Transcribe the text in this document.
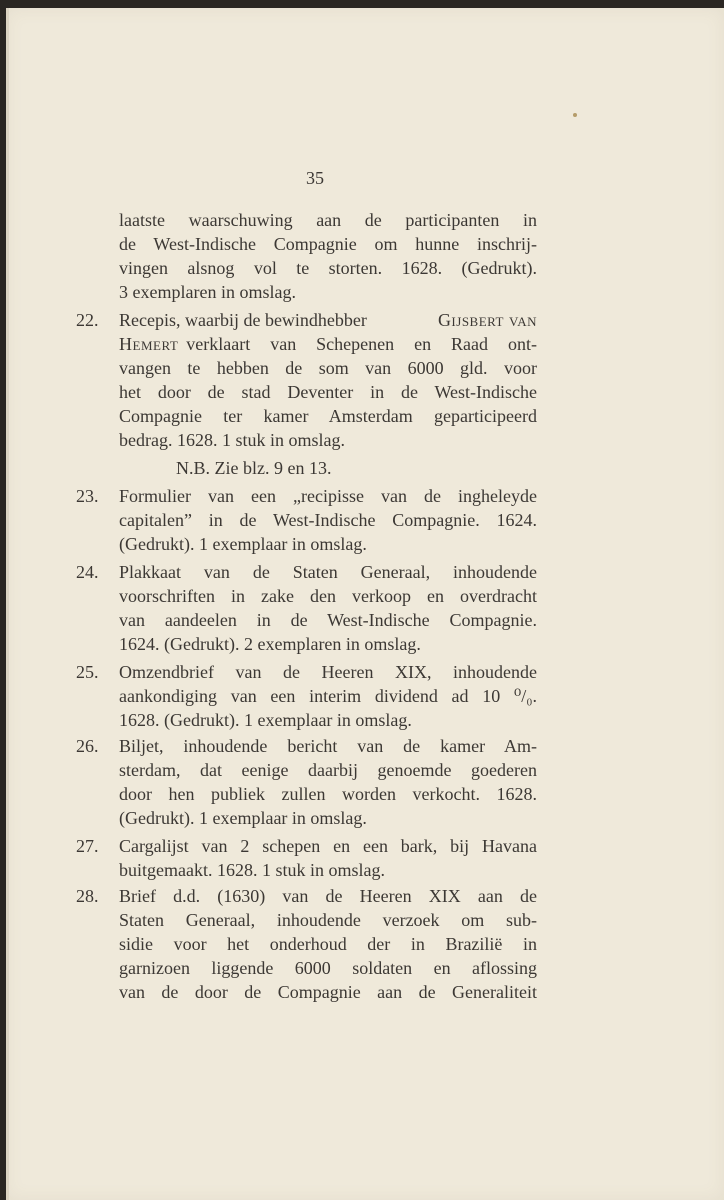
35
laatste waarschuwing aan de participanten in
de West-Indische Compagnie om hunne inschrij-
vingen alsnog vol te storten. 1628. (Gedrukt).
3 exemplaren in omslag.
22. Recepis, waarbij de bewindhebber	Gijsbert van
Hemert verklaart van Schepenen en Raad ont-
vangen te hebben de som van 6000 gld. voor
het door de stad Deventer in de West-Indische
Compagnie ter kamer Amsterdam geparticipeerd
bedrag. 1628. 1 stuk in omslag.
N.B. Zie blz. 9 en 13.
23. Formulier van een „recipisse van de ingheleyde
capitalen” in de West-Indische Compagnie. 1624.
(Gedrukt). 1 exemplaar in omslag.
24. Plakkaat van de Staten Generaal, inhoudende
voorschriften in zake den verkoop en overdracht
van aandeelen in de West-Indische Compagnie.
1624. (Gedrukt). 2 exemplaren in omslag.
25. Omzendbrief van de Heeren XIX, inhoudende
aankondiging van een interim dividend ad 10 ⁰/₀.
1628. (Gedrukt). 1 exemplaar in omslag.
26. Biljet, inhoudende bericht van de kamer Am-
sterdam, dat eenige daarbij genoemde goederen
door hen publiek zullen worden verkocht. 1628.
(Gedrukt). 1 exemplaar in omslag.
27. Cargalijst van 2 schepen en een bark, bij Havana
buitgemaakt. 1628. 1 stuk in omslag.
28. Brief d.d. (1630) van de Heeren XIX aan de
Staten Generaal, inhoudende verzoek om sub-
sidie voor het onderhoud der in Brazilië in
garnizoen liggende 6000 soldaten en aflossing
van de door de Compagnie aan de Generaliteit
